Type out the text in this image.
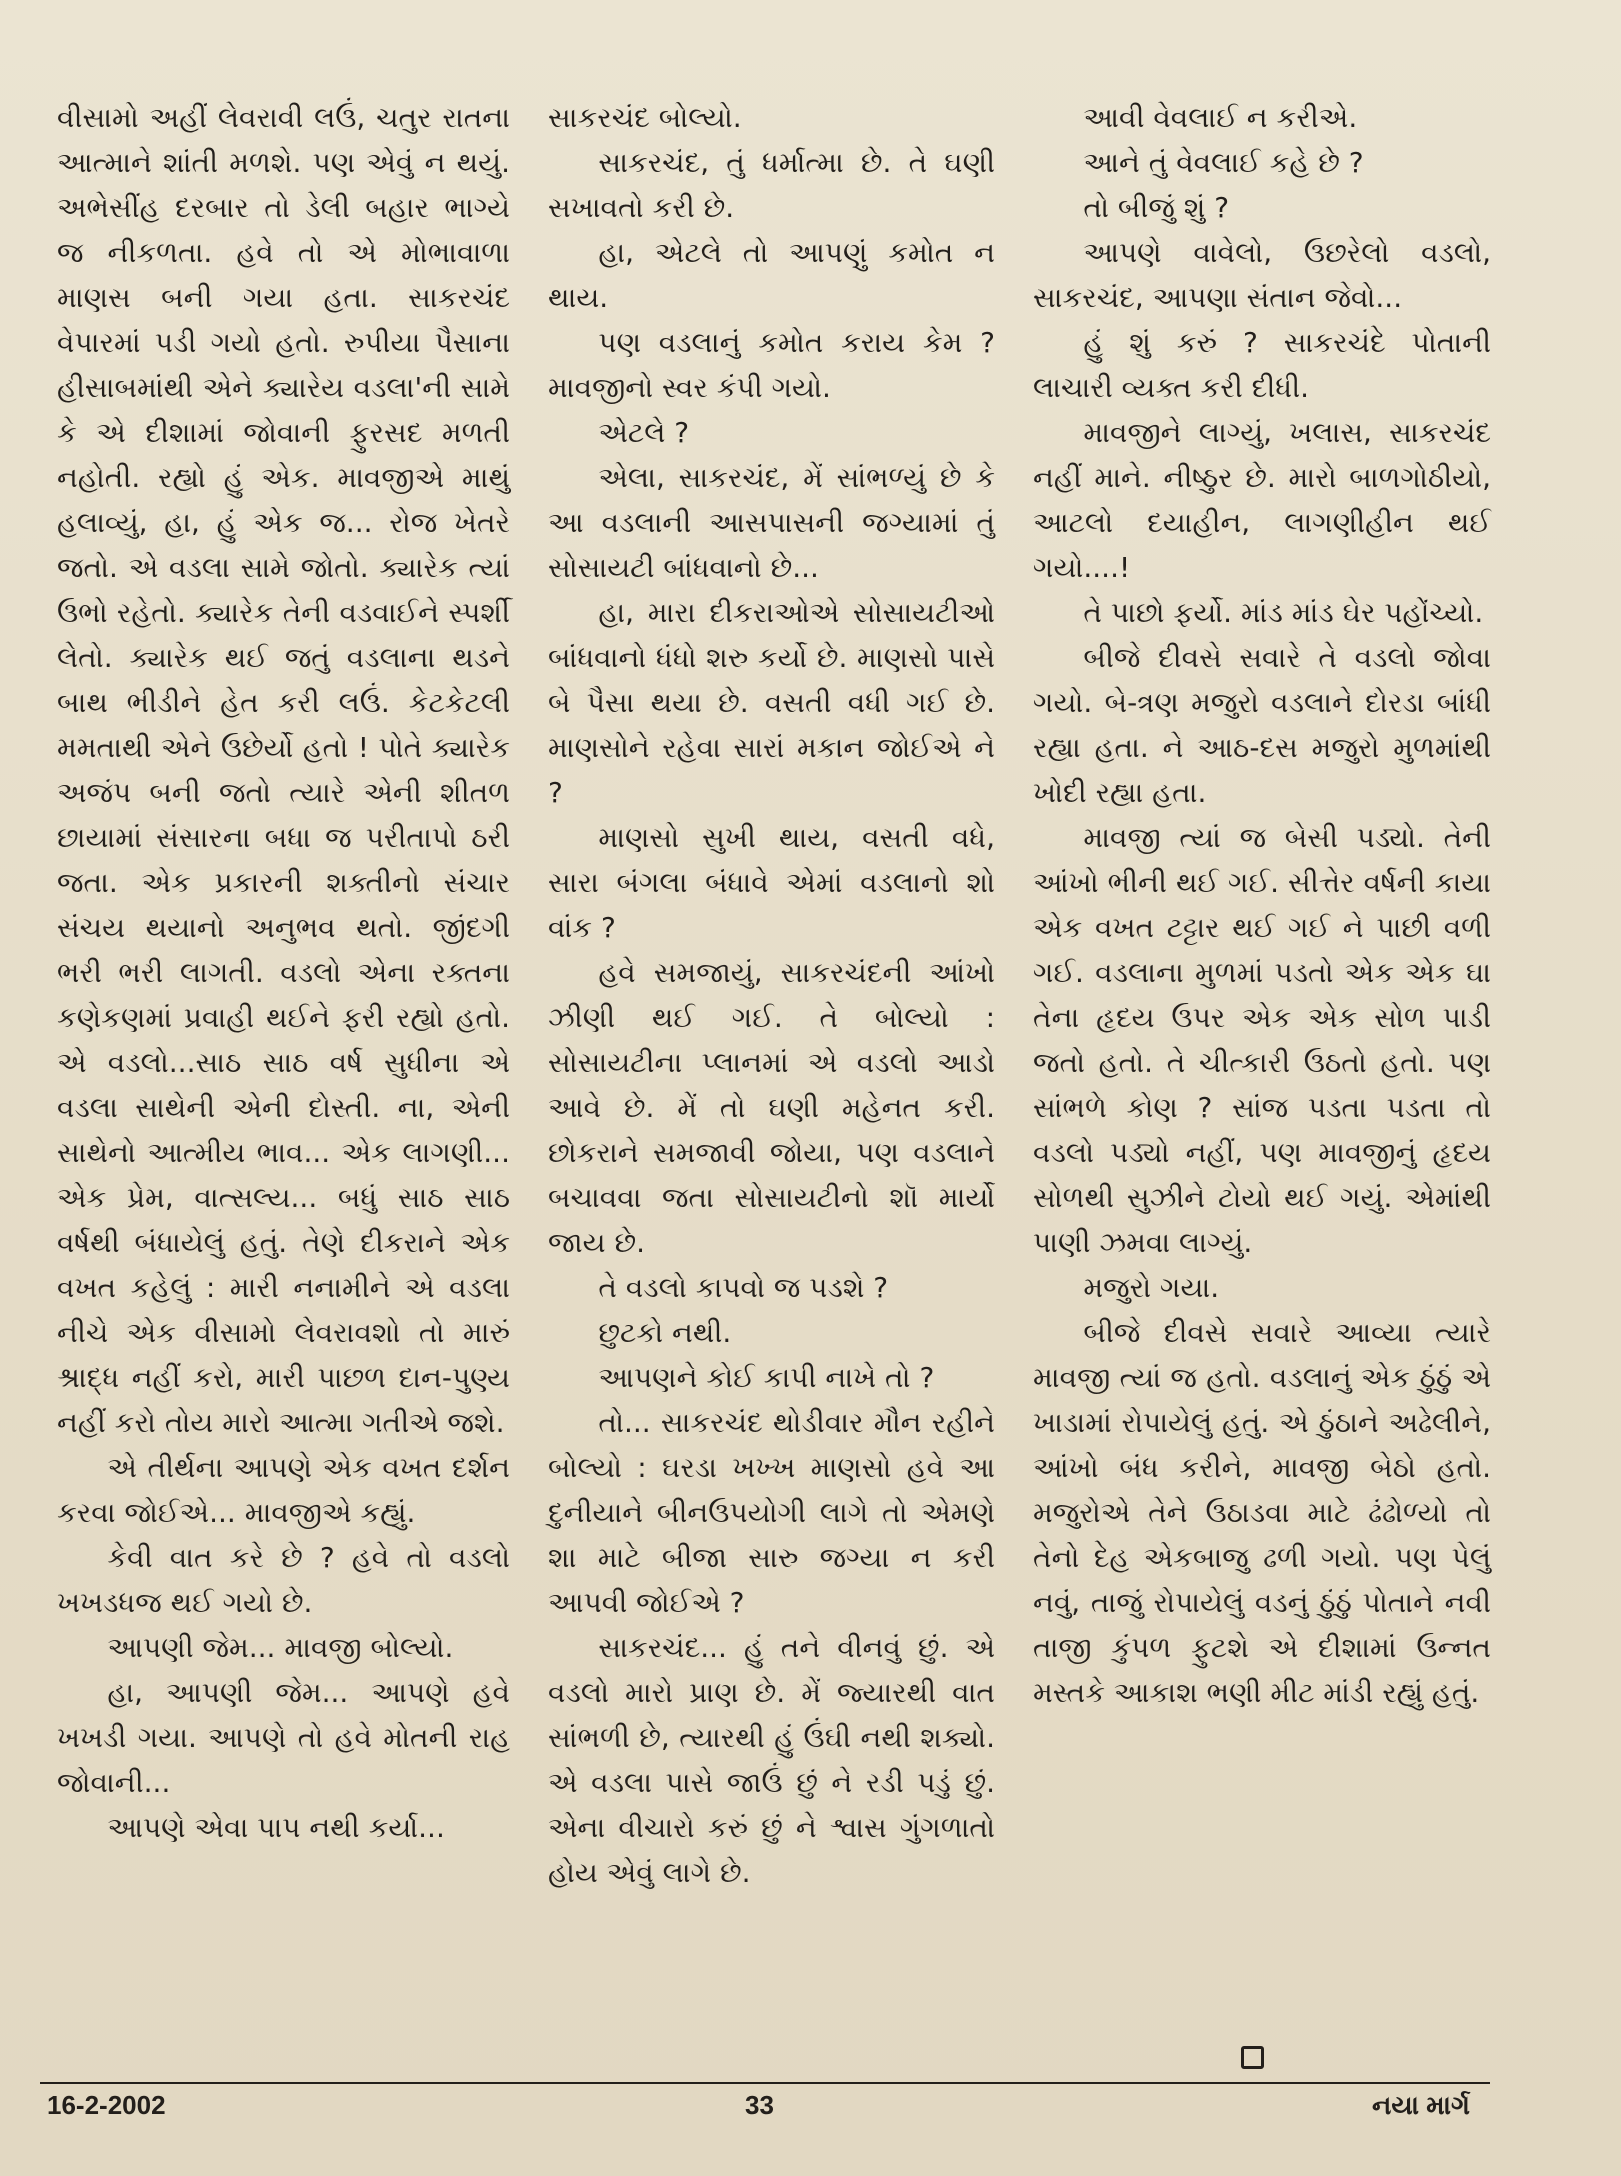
વીસામો અહીં લેવરાવી લઉં, ચતુર રાતના આત્માને શાંતી મળશે. પણ એવું ન થયું. અભેસીંહ દરબાર તો ડેલી બહાર ભાગ્યે જ નીકળતા. હવે તો એ મોભાવાળા માણસ બની ગયા હતા. સાકરચંદ વેપારમાં પડી ગયો હતો. રુપીયા પૈસાના હીસાબમાંથી એને ક્યારેય વડલા'ની સામે કે એ દીશામાં જોવાની ફુરસદ મળતી નહોતી. રહ્યો હું એક. માવજીએ માથું હલાવ્યું, હા, હું એક જ... રોજ ખેતરે જતો. એ વડલા સામે જોતો. ક્યારેક ત્યાં ઉભો રહેતો. ક્યારેક તેની વડવાઈને સ્પર્શી લેતો. ક્યારેક થઈ જતું વડલાના થડને બાથ ભીડીને હેત કરી લઉં. કેટકેટલી મમતાથી એને ઉછેર્યો હતો ! પોતે ક્યારેક અજંપ બની જતો ત્યારે એની શીતળ છાયામાં સંસારના બધા જ પરીતાપો ઠરી જતા. એક પ્રકારની શક્તીનો સંચાર સંચય થયાનો અનુભવ થતો. જીંદગી ભરી ભરી લાગતી. વડલો એના રક્તના કણેકણમાં પ્રવાહી થઈને ફરી રહ્યો હતો. એ વડલો...સાઠ સાઠ વર્ષ સુધીના એ વડલા સાથેની એની દોસ્તી. ના, એની સાથેનો આત્મીય ભાવ... એક લાગણી... એક પ્રેમ, વાત્સલ્ય... બધું સાઠ સાઠ વર્ષથી બંધાયેલું હતું. તેણે દીકરાને એક વખત કહેલું : મારી નનામીને એ વડલા નીચે એક વીસામો લેવરાવશો તો મારું શ્રાદ્ધ નહીં કરો, મારી પાછળ દાન-પુણ્ય નહીં કરો તોય મારો આત્મા ગતીએ જશે.

એ તીર્થના આપણે એક વખત દર્શન કરવા જોઈએ... માવજીએ કહ્યું.

કેવી વાત કરે છે ? હવે તો વડલો ખખડધજ થઈ ગયો છે.

આપણી જેમ... માવજી બોલ્યો.

હા, આપણી જેમ... આપણે હવે ખખડી ગયા. આપણે તો હવે મોતની રાહ જોવાની...

આપણે એવા પાપ નથી કર્યા...

સાકરચંદ બોલ્યો.

સાકરચંદ, તું ધર્માત્મા છે. તે ઘણી સખાવતો કરી છે.

હા, એટલે તો આપણું કમોત ન થાય.

પણ વડલાનું કમોત કરાય કેમ ? માવજીનો સ્વર કંપી ગયો.

એટલે ?

એલા, સાકરચંદ, મેં સાંભળ્યું છે કે આ વડલાની આસપાસની જગ્યામાં તું સોસાયટી બાંધવાનો છે...

હા, મારા દીકરાઓએ સોસાયટીઓ બાંધવાનો ધંધો શરુ કર્યો છે. માણસો પાસે બે પૈસા થયા છે. વસતી વધી ગઈ છે. માણસોને રહેવા સારાં મકાન જોઈએ ને ?

માણસો સુખી થાય, વસતી વધે, સારા બંગલા બંધાવે એમાં વડલાનો શો વાંક ?

હવે સમજાયું, સાકરચંદની આંખો ઝીણી થઈ ગઈ. તે બોલ્યો : સોસાયટીના પ્લાનમાં એ વડલો આડો આવે છે. મેં તો ઘણી મહેનત કરી. છોકરાને સમજાવી જોયા, પણ વડલાને બચાવવા જતા સોસાયટીનો શૉ માર્યો જાય છે.

તે વડલો કાપવો જ પડશે ?

છુટકો નથી.

આપણને કોઈ કાપી નાખે તો ?

તો... સાકરચંદ થોડીવાર મૌન રહીને બોલ્યો : ઘરડા ખખ્ખ માણસો હવે આ દુનીયાને બીનઉપયોગી લાગે તો એમણે શા માટે બીજા સારુ જગ્યા ન કરી આપવી જોઈએ ?

સાકરચંદ... હું તને વીનવું છું. એ વડલો મારો પ્રાણ છે. મેં જ્યારથી વાત સાંભળી છે, ત્યારથી હું ઉંઘી નથી શક્યો. એ વડલા પાસે જાઉં છું ને રડી પડું છું. એના વીચારો કરું છું ને શ્વાસ ગુંગળાતો હોય એવું લાગે છે.

આવી વેવલાઈ ન કરીએ.

આને તું વેવલાઈ કહે છે ?

તો બીજું શું ?

આપણે વાવેલો, ઉછરેલો વડલો, સાકરચંદ, આપણા સંતાન જેવો...

હું શું કરું ? સાકરચંદે પોતાની લાચારી વ્યક્ત કરી દીધી.

માવજીને લાગ્યું, ખલાસ, સાકરચંદ નહીં માને. નીષ્ઠુર છે. મારો બાળગોઠીયો, આટલો દયાહીન, લાગણીહીન થઈ ગયો....!

તે પાછો ફર્યો. માંડ માંડ ઘેર પહોંચ્યો.

બીજે દીવસે સવારે તે વડલો જોવા ગયો. બે-ત્રણ મજુરો વડલાને દોરડા બાંધી રહ્યા હતા. ને આઠ-દસ મજુરો મુળમાંથી ખોદી રહ્યા હતા.

માવજી ત્યાં જ બેસી પડ્યો. તેની આંખો ભીની થઈ ગઈ. સીત્તેર વર્ષની કાયા એક વખત ટટ્ટાર થઈ ગઈ ને પાછી વળી ગઈ. વડલાના મુળમાં પડતો એક એક ઘા તેના હૃદય ઉપર એક એક સોળ પાડી જતો હતો. તે ચીત્કારી ઉઠતો હતો. પણ સાંભળે કોણ ? સાંજ પડતા પડતા તો વડલો પડ્યો નહીં, પણ માવજીનું હૃદય સોળથી સુઝીને ટોયો થઈ ગયું. એમાંથી પાણી ઝમવા લાગ્યું.

મજુરો ગયા.

બીજે દીવસે સવારે આવ્યા ત્યારે માવજી ત્યાં જ હતો. વડલાનું એક ઠુંઠું એ ખાડામાં રોપાયેલું હતું. એ ઠુંઠાને અઢેલીને, આંખો બંધ કરીને, માવજી બેઠો હતો. મજુરોએ તેને ઉઠાડવા માટે ઢંઢોળ્યો તો તેનો દેહ એકબાજુ ઢળી ગયો. પણ પેલું નવું, તાજું રોપાયેલું વડનું ઠુંઠું પોતાને નવી તાજી કુંપળ ફુટશે એ દીશામાં ઉન્નત મસ્તકે આકાશ ભણી મીટ માંડી રહ્યું હતું.

16-2-2002	33	નયા માર્ગ
